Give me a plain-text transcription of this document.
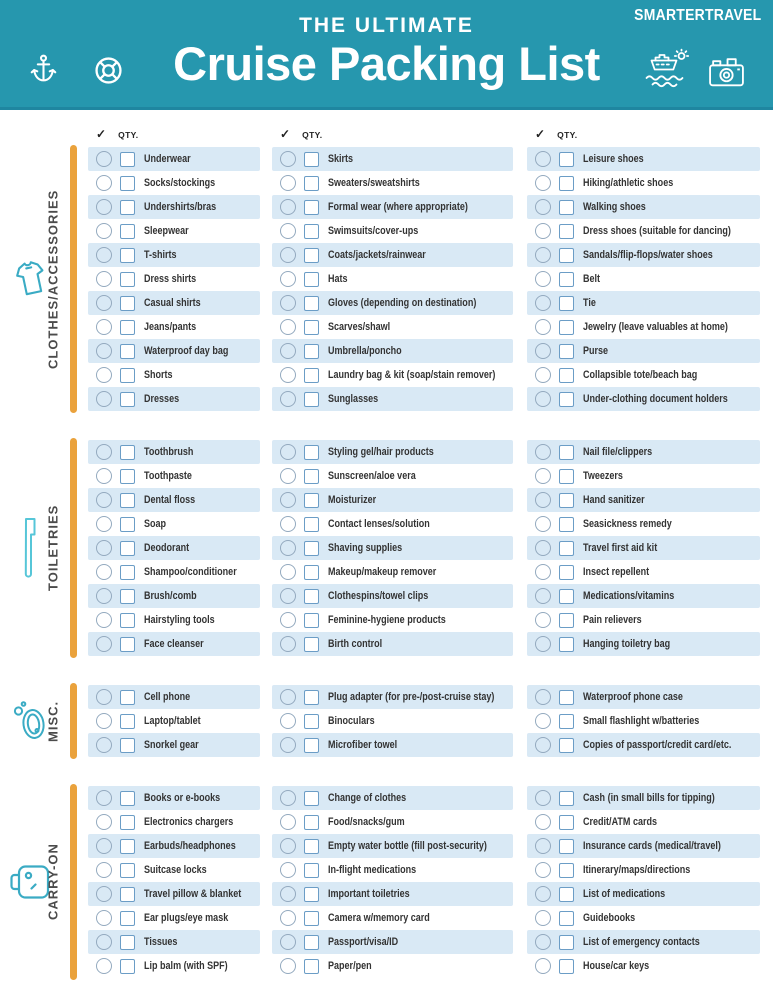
SMARTERTRAVEL
THE ULTIMATE
Cruise Packing List
✓ QTY.	✓ QTY.	✓ QTY.
CLOTHES/ACCESSORIES
Underwear
Socks/stockings
Undershirts/bras
Sleepwear
T-shirts
Dress shirts
Casual shirts
Jeans/pants
Waterproof day bag
Shorts
Dresses
Skirts
Sweaters/sweatshirts
Formal wear (where appropriate)
Swimsuits/cover-ups
Coats/jackets/rainwear
Hats
Gloves (depending on destination)
Scarves/shawl
Umbrella/poncho
Laundry bag & kit (soap/stain remover)
Sunglasses
Leisure shoes
Hiking/athletic shoes
Walking shoes
Dress shoes (suitable for dancing)
Sandals/flip-flops/water shoes
Belt
Tie
Jewelry (leave valuables at home)
Purse
Collapsible tote/beach bag
Under-clothing document holders
TOILETRIES
Toothbrush
Toothpaste
Dental floss
Soap
Deodorant
Shampoo/conditioner
Brush/comb
Hairstyling tools
Face cleanser
Styling gel/hair products
Sunscreen/aloe vera
Moisturizer
Contact lenses/solution
Shaving supplies
Makeup/makeup remover
Clothespins/towel clips
Feminine-hygiene products
Birth control
Nail file/clippers
Tweezers
Hand sanitizer
Seasickness remedy
Travel first aid kit
Insect repellent
Medications/vitamins
Pain relievers
Hanging toiletry bag
MISC.
Cell phone
Laptop/tablet
Snorkel gear
Plug adapter (for pre-/post-cruise stay)
Binoculars
Microfiber towel
Waterproof phone case
Small flashlight w/batteries
Copies of passport/credit card/etc.
CARRY-ON
Books or e-books
Electronics chargers
Earbuds/headphones
Suitcase locks
Travel pillow & blanket
Ear plugs/eye mask
Tissues
Lip balm (with SPF)
Change of clothes
Food/snacks/gum
Empty water bottle (fill post-security)
In-flight medications
Important toiletries
Camera w/memory card
Passport/visa/ID
Paper/pen
Cash (in small bills for tipping)
Credit/ATM cards
Insurance cards (medical/travel)
Itinerary/maps/directions
List of medications
Guidebooks
List of emergency contacts
House/car keys
